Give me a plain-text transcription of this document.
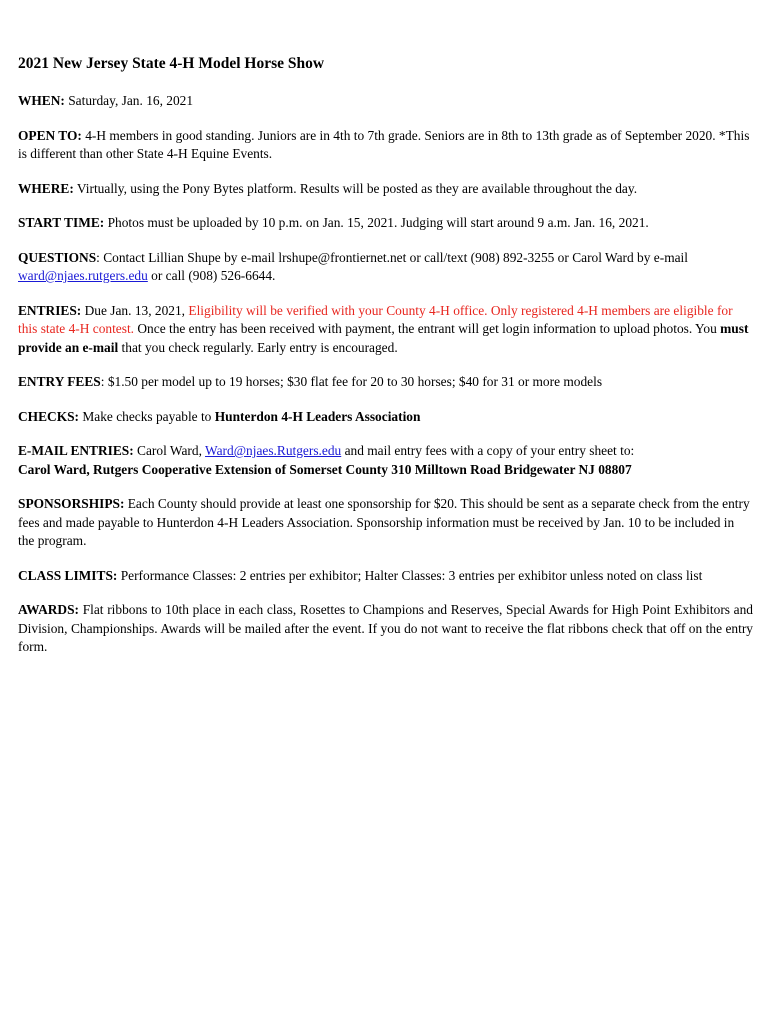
2021 New Jersey State 4-H Model Horse Show
WHEN: Saturday, Jan. 16, 2021
OPEN TO: 4-H members in good standing. Juniors are in 4th to 7th grade. Seniors are in 8th to 13th grade as of September 2020. *This is different than other State 4-H Equine Events.
WHERE: Virtually, using the Pony Bytes platform. Results will be posted as they are available throughout the day.
START TIME: Photos must be uploaded by 10 p.m. on Jan. 15, 2021. Judging will start around 9 a.m. Jan. 16, 2021.
QUESTIONS: Contact Lillian Shupe by e-mail lrshupe@frontiernet.net or call/text (908) 892-3255 or Carol Ward by e-mail ward@njaes.rutgers.edu or call (908) 526-6644.
ENTRIES: Due Jan. 13, 2021, Eligibility will be verified with your County 4-H office. Only registered 4-H members are eligible for this state 4-H contest. Once the entry has been received with payment, the entrant will get login information to upload photos. You must provide an e-mail that you check regularly. Early entry is encouraged.
ENTRY FEES: $1.50 per model up to 19 horses; $30 flat fee for 20 to 30 horses; $40 for 31 or more models
CHECKS: Make checks payable to Hunterdon 4-H Leaders Association
E-MAIL ENTRIES: Carol Ward, Ward@njaes.Rutgers.edu and mail entry fees with a copy of your entry sheet to:
Carol Ward, Rutgers Cooperative Extension of Somerset County 310 Milltown Road Bridgewater NJ 08807
SPONSORSHIPS: Each County should provide at least one sponsorship for $20. This should be sent as a separate check from the entry fees and made payable to Hunterdon 4-H Leaders Association. Sponsorship information must be received by Jan. 10 to be included in the program.
CLASS LIMITS: Performance Classes: 2 entries per exhibitor; Halter Classes: 3 entries per exhibitor unless noted on class list
AWARDS: Flat ribbons to 10th place in each class, Rosettes to Champions and Reserves, Special Awards for High Point Exhibitors and Division, Championships. Awards will be mailed after the event. If you do not want to receive the flat ribbons check that off on the entry form.
